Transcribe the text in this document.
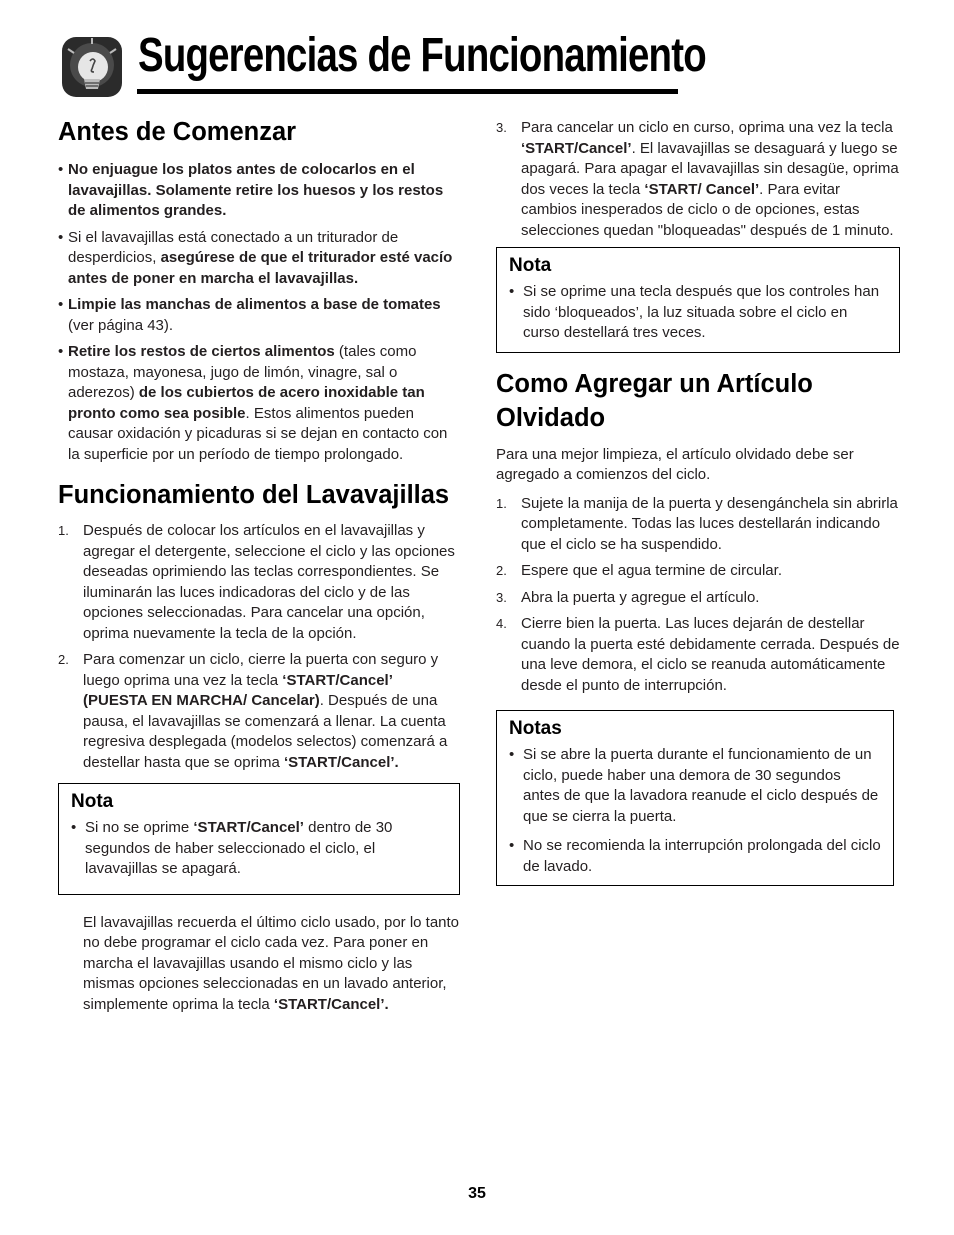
Sugerencias de Funcionamiento
Antes de Comenzar
• No enjuague los platos antes de colocarlos en el lavavajillas. Solamente retire los huesos y los restos de alimentos grandes.
• Si el lavavajillas está conectado a un triturador de desperdicios, asegúrese de que el triturador esté vacío antes de poner en marcha el lavavajillas.
• Limpie las manchas de alimentos a base de tomates (ver página 43).
• Retire los restos de ciertos alimentos (tales como mostaza, mayonesa, jugo de limón, vinagre, sal o aderezos) de los cubiertos de acero inoxidable tan pronto como sea posible. Estos alimentos pueden causar oxidación y picaduras si se dejan en contacto con la superficie por un período de tiempo prolongado.
Funcionamiento del Lavavajillas
1. Después de colocar los artículos en el lavavajillas y agregar el detergente, seleccione el ciclo y las opciones deseadas oprimiendo las teclas correspondientes. Se iluminarán las luces indicadoras del ciclo y de las opciones seleccionadas. Para cancelar una opción, oprima nuevamente la tecla de la opción.
2. Para comenzar un ciclo, cierre la puerta con seguro y luego oprima una vez la tecla ‘START/Cancel’ (PUESTA EN MARCHA/ Cancelar). Después de una pausa, el lavavajillas se comenzará a llenar. La cuenta regresiva desplegada (modelos selectos) comenzará a destellar hasta que se oprima ‘START/Cancel’.
Nota
• Si no se oprime ‘START/Cancel’ dentro de 30 segundos de haber seleccionado el ciclo, el lavavajillas se apagará.

El lavavajillas recuerda el último ciclo usado, por lo tanto no debe programar el ciclo cada vez. Para poner en marcha el lavavajillas usando el mismo ciclo y las mismas opciones seleccionadas en un lavado anterior, simplemente oprima la tecla ‘START/Cancel’.

3. Para cancelar un ciclo en curso, oprima una vez la tecla ‘START/Cancel’. El lavavajillas se desaguará y luego se apagará. Para apagar el lavavajillas sin desagüe, oprima dos veces la tecla ‘START/ Cancel’. Para evitar cambios inesperados de ciclo o de opciones, estas selecciones quedan "bloqueadas" después de 1 minuto.
Nota
• Si se oprime una tecla después que los controles han sido ‘bloqueados’, la luz situada sobre el ciclo en curso destellará tres veces.
Como Agregar un Artículo Olvidado

Para una mejor limpieza, el artículo olvidado debe ser agregado a comienzos del ciclo.

1. Sujete la manija de la puerta y desengánchela sin abrirla completamente. Todas las luces destellarán indicando que el ciclo se ha suspendido.
2. Espere que el agua termine de circular.
3. Abra la puerta y agregue el artículo.
4. Cierre bien la puerta. Las luces dejarán de destellar cuando la puerta esté debidamente cerrada. Después de una leve demora, el ciclo se reanuda automáticamente desde el punto de interrupción.
Notas
• Si se abre la puerta durante el funcionamiento de un ciclo, puede haber una demora de 30 segundos antes de que la lavadora reanude el ciclo después de que se cierra la puerta.
• No se recomienda la interrupción prolongada del ciclo de lavado.
35
